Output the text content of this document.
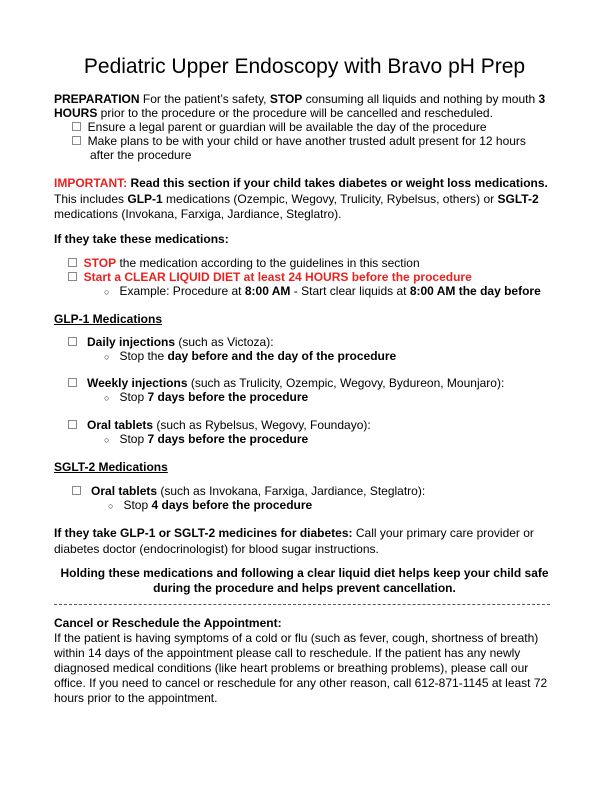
Pediatric Upper Endoscopy with Bravo pH Prep
PREPARATION For the patient’s safety, STOP consuming all liquids and nothing by mouth 3
HOURS prior to the procedure or the procedure will be cancelled and rescheduled.
Ensure a legal parent or guardian will be available the day of the procedure
Make plans to be with your child or have another trusted adult present for 12 hours
after the procedure
IMPORTANT: Read this section if your child takes diabetes or weight loss medications.
This includes GLP-1 medications (Ozempic, Wegovy, Trulicity, Rybelsus, others) or SGLT-2
medications (Invokana, Farxiga, Jardiance, Steglatro).
If they take these medications:
STOP the medication according to the guidelines in this section
Start a CLEAR LIQUID DIET at least 24 HOURS before the procedure
○ Example: Procedure at 8:00 AM - Start clear liquids at 8:00 AM the day before
GLP-1 Medications
Daily injections (such as Victoza):
○ Stop the day before and the day of the procedure
Weekly injections (such as Trulicity, Ozempic, Wegovy, Bydureon, Mounjaro):
○ Stop 7 days before the procedure
Oral tablets (such as Rybelsus, Wegovy, Foundayo):
○ Stop 7 days before the procedure
SGLT-2 Medications
Oral tablets (such as Invokana, Farxiga, Jardiance, Steglatro):
○ Stop 4 days before the procedure
If they take GLP-1 or SGLT-2 medicines for diabetes: Call your primary care provider or
diabetes doctor (endocrinologist) for blood sugar instructions.
Holding these medications and following a clear liquid diet helps keep your child safe
during the procedure and helps prevent cancellation.
Cancel or Reschedule the Appointment:
If the patient is having symptoms of a cold or flu (such as fever, cough, shortness of breath)
within 14 days of the appointment please call to reschedule. If the patient has any newly
diagnosed medical conditions (like heart problems or breathing problems), please call our
office. If you need to cancel or reschedule for any other reason, call 612-871-1145 at least 72
hours prior to the appointment.
